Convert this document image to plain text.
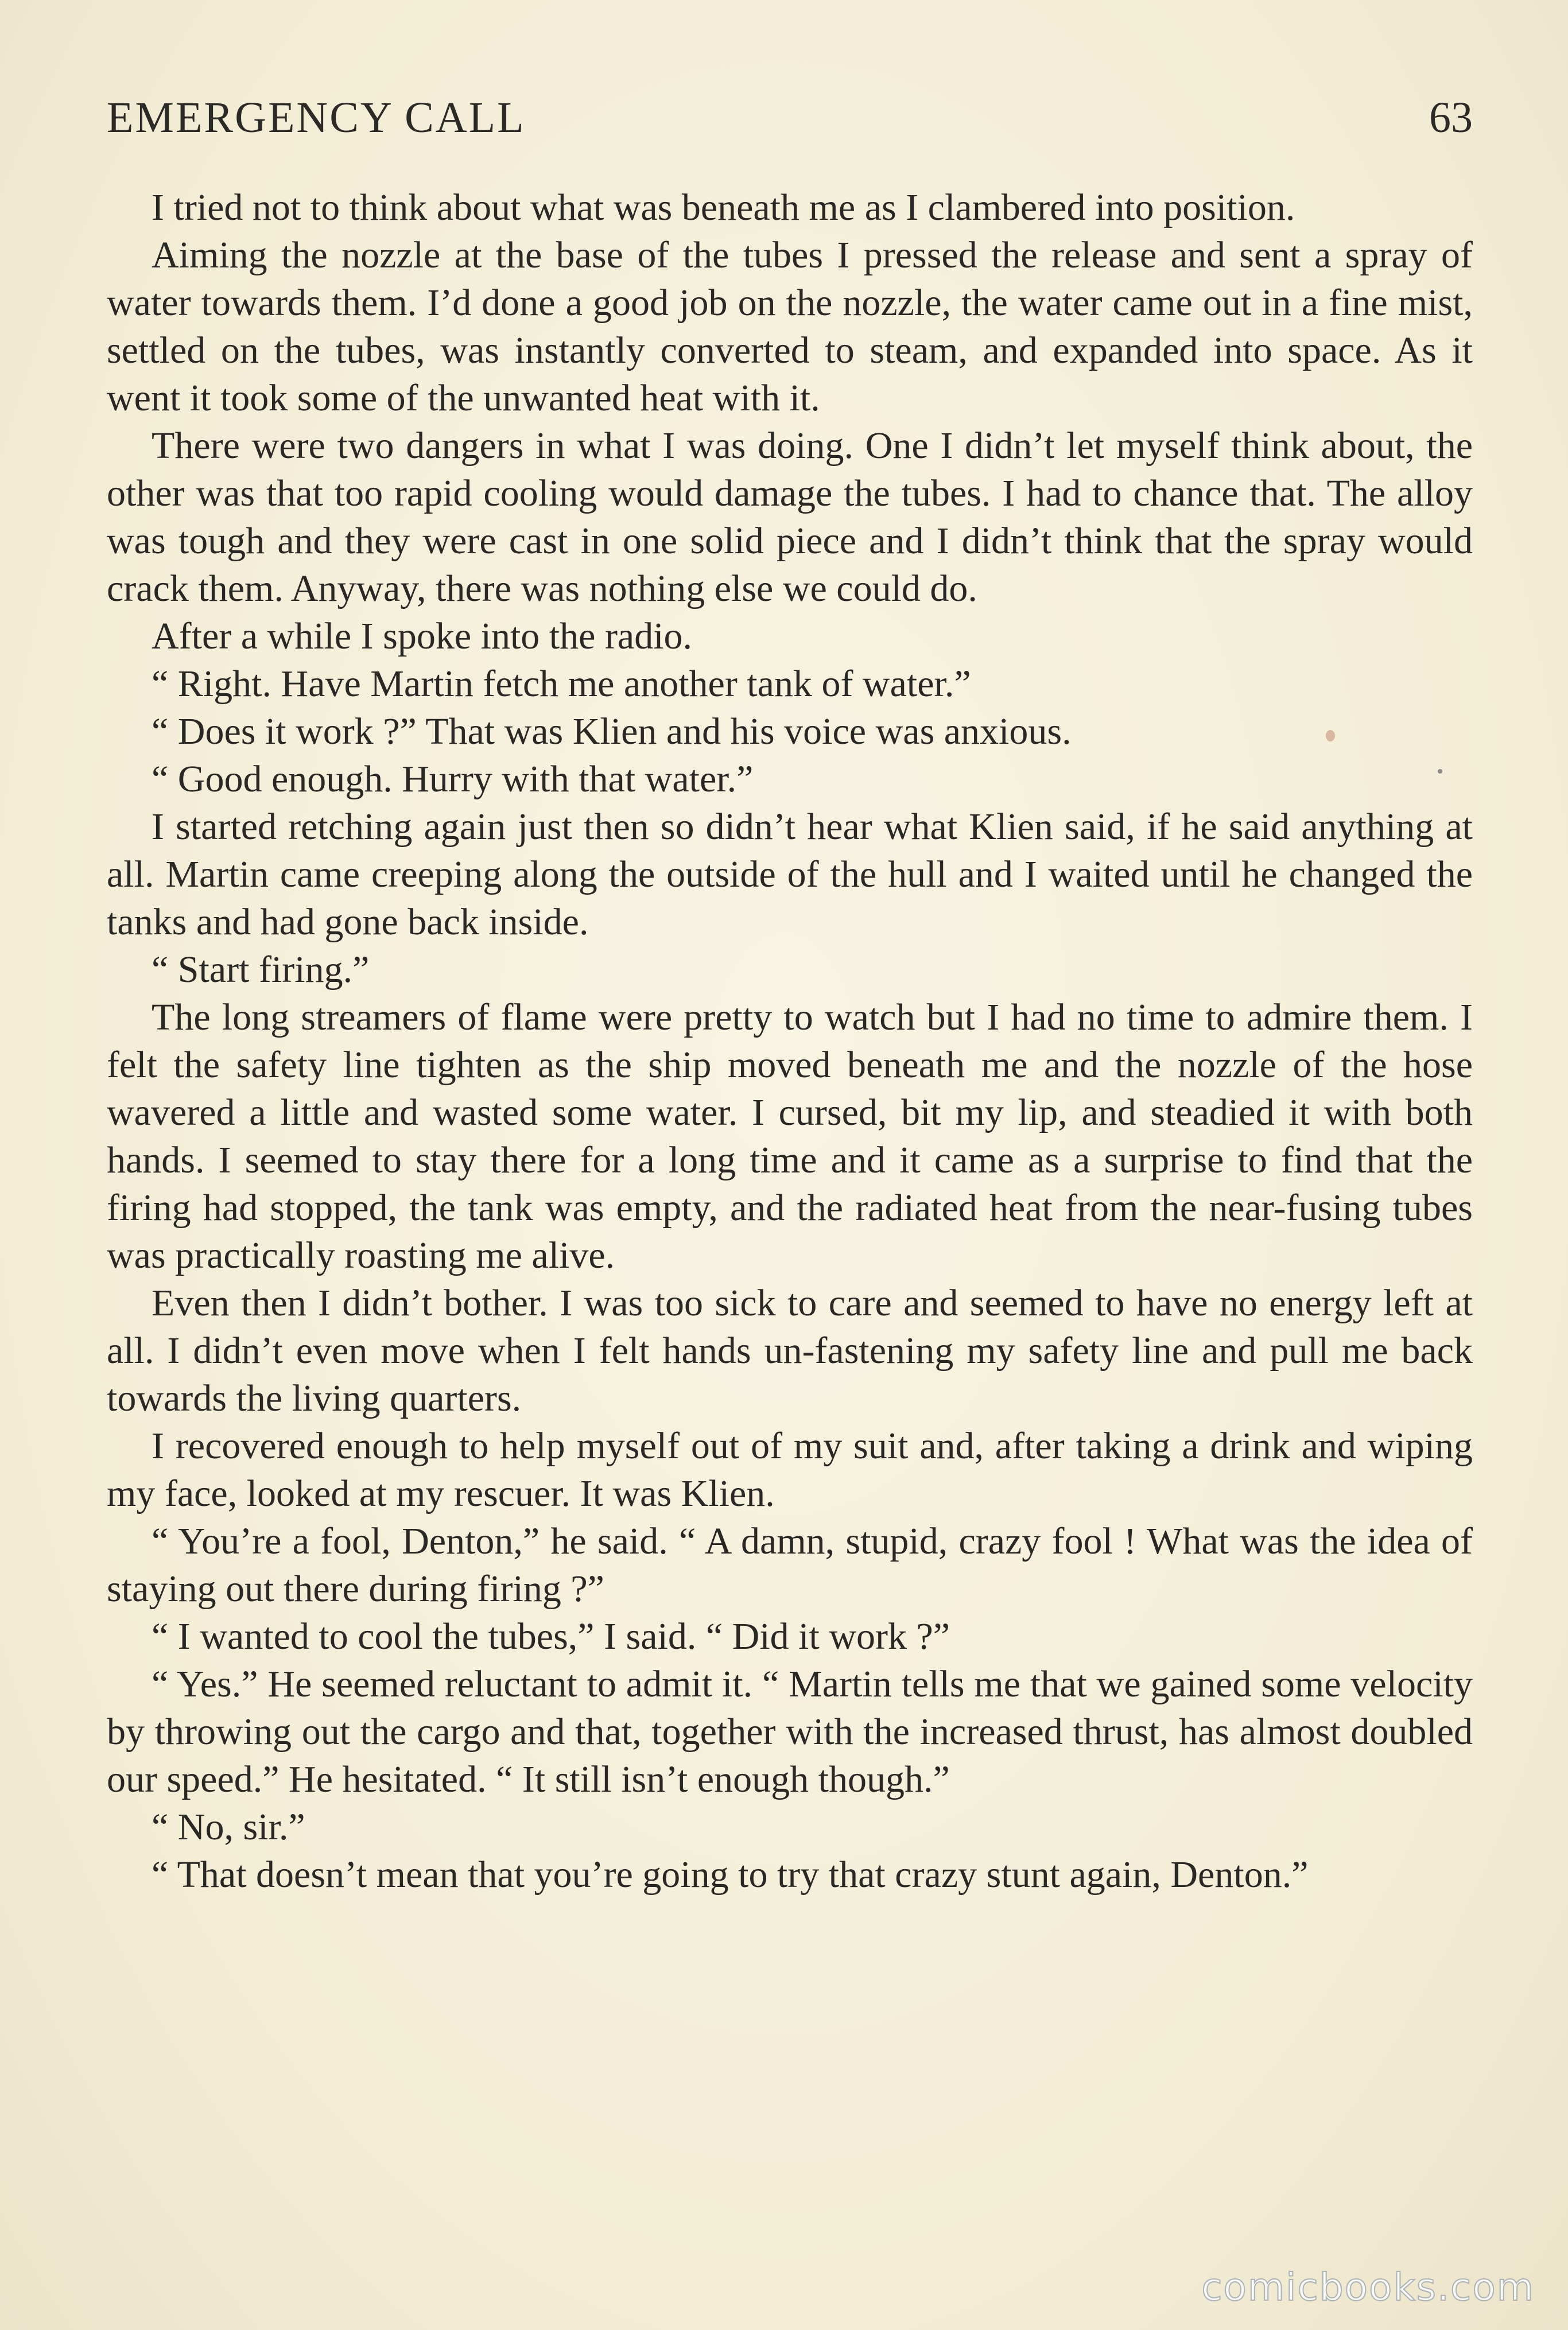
EMERGENCY CALL	63

I tried not to think about what was beneath me as I clambered into position.

Aiming the nozzle at the base of the tubes I pressed the release and sent a spray of water towards them. I’d done a good job on the nozzle, the water came out in a fine mist, settled on the tubes, was instantly converted to steam, and expanded into space. As it went it took some of the unwanted heat with it.

There were two dangers in what I was doing. One I didn’t let myself think about, the other was that too rapid cooling would damage the tubes. I had to chance that. The alloy was tough and they were cast in one solid piece and I didn’t think that the spray would crack them. Anyway, there was nothing else we could do.

After a while I spoke into the radio.

“ Right. Have Martin fetch me another tank of water.”

“ Does it work ?” That was Klien and his voice was anxious.

“ Good enough. Hurry with that water.”

I started retching again just then so didn’t hear what Klien said, if he said anything at all. Martin came creeping along the outside of the hull and I waited until he changed the tanks and had gone back inside.

“ Start firing.”

The long streamers of flame were pretty to watch but I had no time to admire them. I felt the safety line tighten as the ship moved beneath me and the nozzle of the hose wavered a little and wasted some water. I cursed, bit my lip, and steadied it with both hands. I seemed to stay there for a long time and it came as a surprise to find that the firing had stopped, the tank was empty, and the radiated heat from the near-fusing tubes was practically roasting me alive.

Even then I didn’t bother. I was too sick to care and seemed to have no energy left at all. I didn’t even move when I felt hands un-fastening my safety line and pull me back towards the living quarters.

I recovered enough to help myself out of my suit and, after taking a drink and wiping my face, looked at my rescuer. It was Klien.

“ You’re a fool, Denton,” he said. “ A damn, stupid, crazy fool ! What was the idea of staying out there during firing ?”

“ I wanted to cool the tubes,” I said. “ Did it work ?”

“ Yes.” He seemed reluctant to admit it. “ Martin tells me that we gained some velocity by throwing out the cargo and that, together with the increased thrust, has almost doubled our speed.” He hesitated. “ It still isn’t enough though.”

“ No, sir.”

“ That doesn’t mean that you’re going to try that crazy stunt again, Denton.”

comicbooks.com
